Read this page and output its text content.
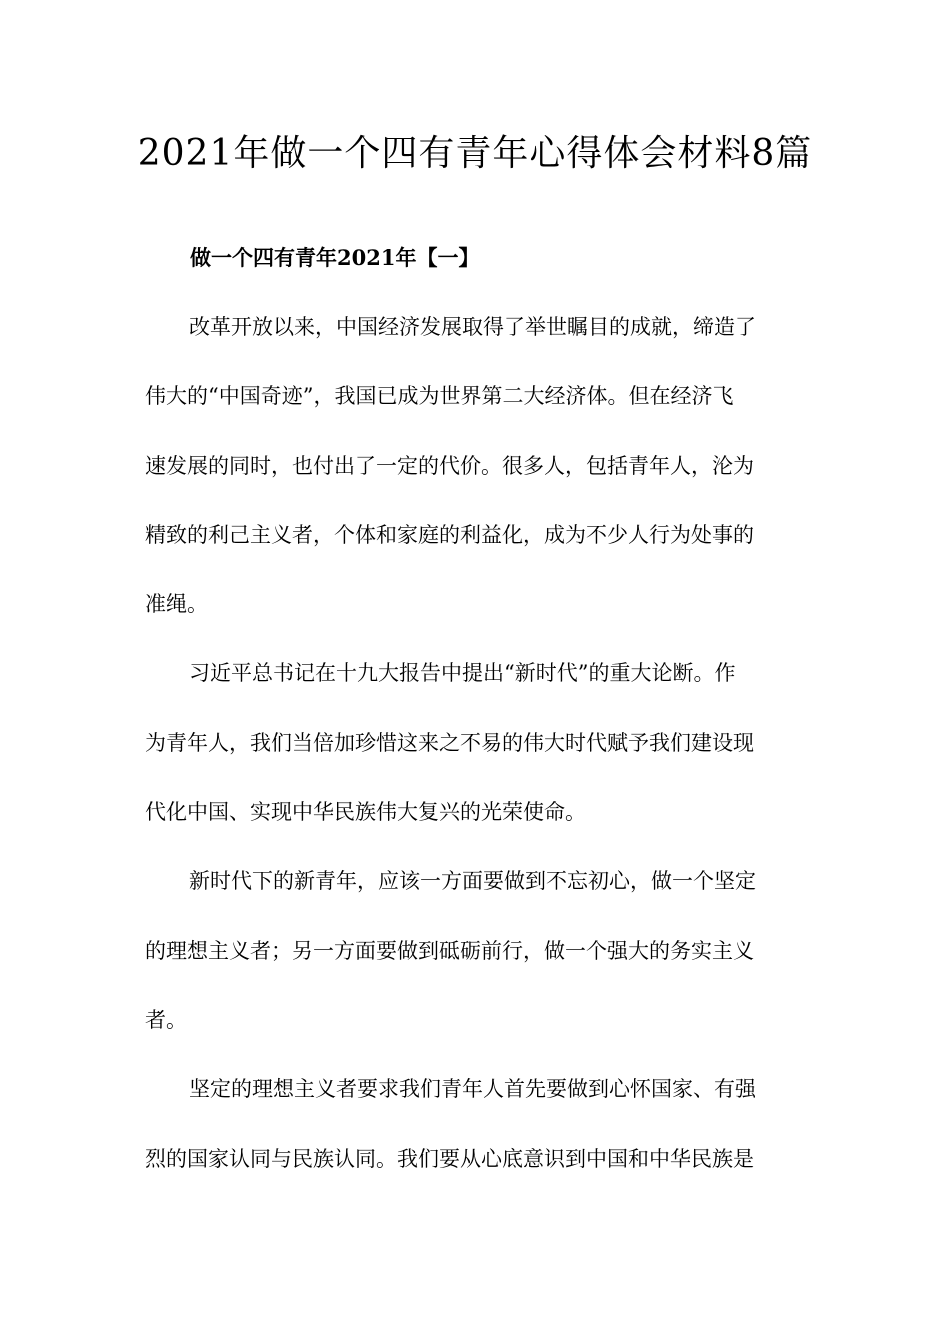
2021年做一个四有青年心得体会材料8篇
做一个四有青年2021年【一】

改革开放以来，中国经济发展取得了举世瞩目的成就，缔造了
伟大的“中国奇迹”，我国已成为世界第二大经济体。但在经济飞
速发展的同时，也付出了一定的代价。很多人，包括青年人，沦为
精致的利己主义者，个体和家庭的利益化，成为不少人行为处事的
准绳。

习近平总书记在十九大报告中提出“新时代”的重大论断。作
为青年人，我们当倍加珍惜这来之不易的伟大时代赋予我们建设现
代化中国、实现中华民族伟大复兴的光荣使命。

新时代下的新青年，应该一方面要做到不忘初心，做一个坚定
的理想主义者；另一方面要做到砥砺前行，做一个强大的务实主义
者。

坚定的理想主义者要求我们青年人首先要做到心怀国家、有强
烈的国家认同与民族认同。我们要从心底意识到中国和中华民族是
